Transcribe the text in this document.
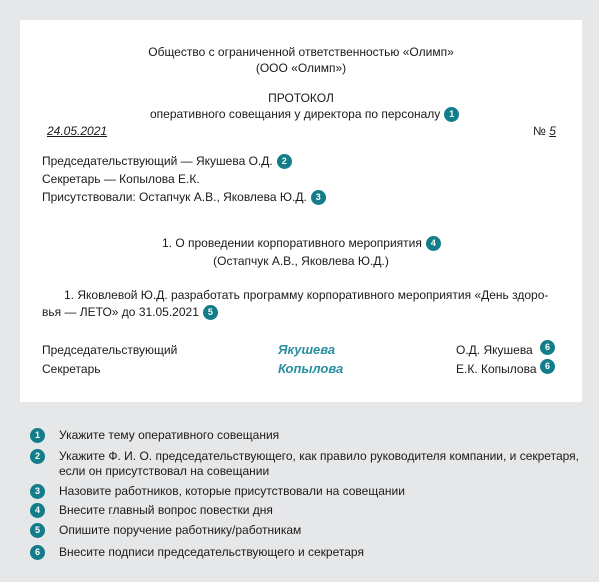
Общество с ограниченной ответственностью «Олимп»
(ООО «Олимп»)
ПРОТОКОЛ
оперативного совещания у директора по персоналу 1
24.05.2021	№ 5
Председательствующий — Якушева О.Д. 2
Секретарь — Копылова Е.К.
Присутствовали: Остапчук А.В., Яковлева Ю.Д. 3
1. О проведении корпоративного мероприятия 4
(Остапчук А.В., Яковлева Ю.Д.)
1. Яковлевой Ю.Д. разработать программу корпоративного мероприятия «День здоро-
вья — ЛЕТО» до 31.05.2021 5
Председательствующий	Якушева	О.Д. Якушева	6
Секретарь	Копылова	Е.К. Копылова 6
1	Укажите тему оперативного совещания
2	Укажите Ф. И. О. председательствующего, как правило руководителя компании, и секретаря, если он присутствовал на совещании
3	Назовите работников, которые присутствовали на совещании
4	Внесите главный вопрос повестки дня
5	Опишите поручение работнику/работникам
6	Внесите подписи председательствующего и секретаря
